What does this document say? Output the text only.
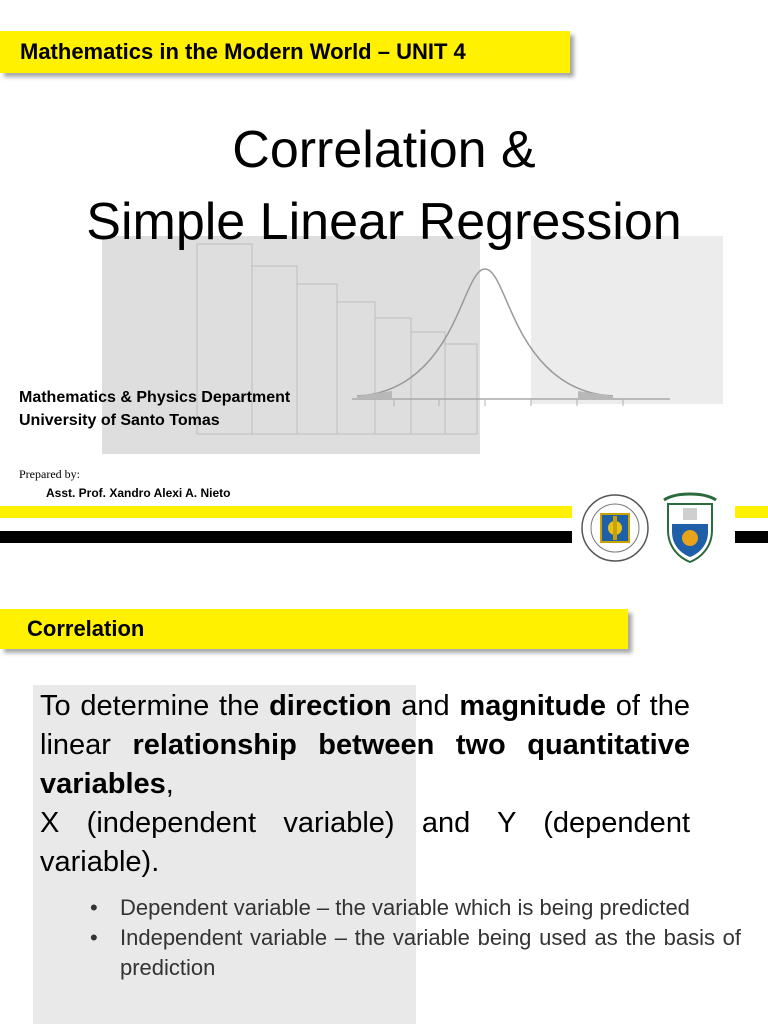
Mathematics in the Modern World – UNIT 4
Correlation &
Simple Linear Regression
Mathematics & Physics Department
University of Santo Tomas
Prepared by:
Asst. Prof. Xandro Alexi A. Nieto
Correlation

To determine the direction and magnitude of the linear relationship between two quantitative variables,

X (independent variable) and Y (dependent variable).

• Dependent variable – the variable which is being predicted
• Independent variable – the variable being used as the basis of prediction
